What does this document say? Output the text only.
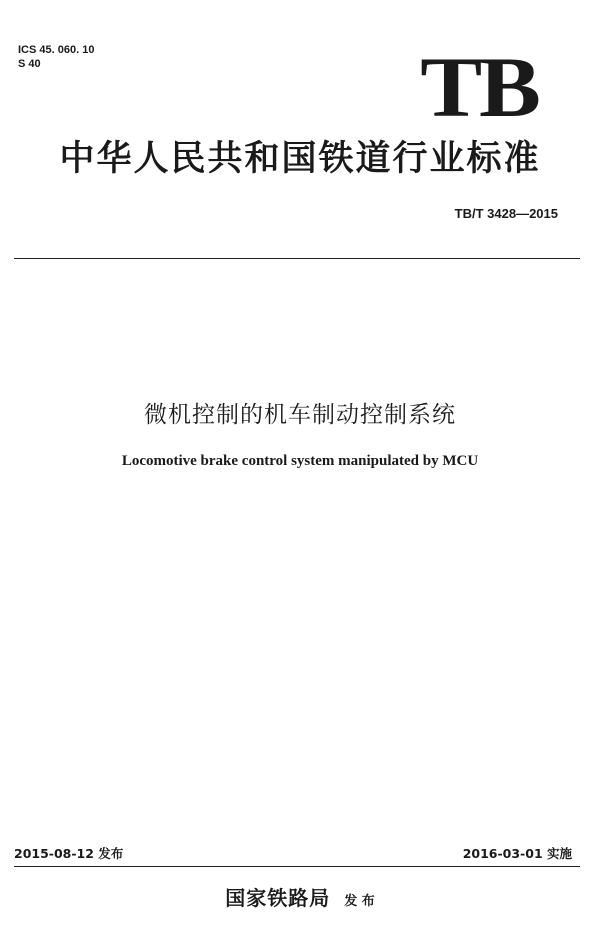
ICS 45. 060. 10
S 40	TB
中华人民共和国铁道行业标准
TB/T 3428—2015
微机控制的机车制动控制系统
Locomotive brake control system manipulated by MCU
2015-08-12 发布	2016-03-01 实施
国家铁路局 发 布
